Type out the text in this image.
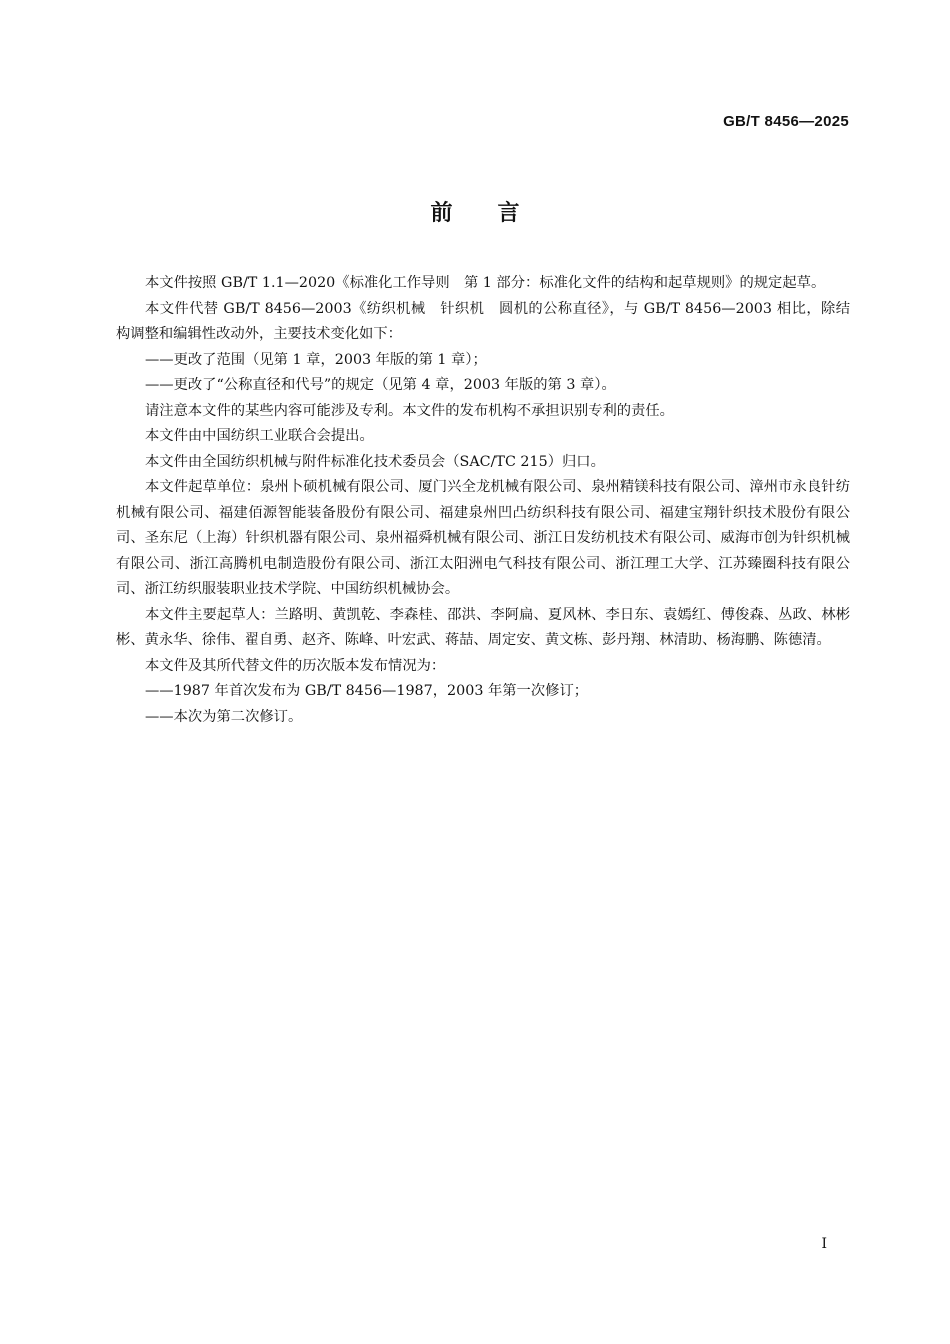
GB/T 8456—2025
前言

本文件按照 GB/T 1.1—2020《标准化工作导则　第 1 部分：标准化文件的结构和起草规则》的规定起草。

本文件代替 GB/T 8456—2003《纺织机械　针织机　圆机的公称直径》，与 GB/T 8456—2003 相比，除结构调整和编辑性改动外，主要技术变化如下：

——更改了范围（见第 1 章，2003 年版的第 1 章）；

——更改了“公称直径和代号”的规定（见第 4 章，2003 年版的第 3 章）。

请注意本文件的某些内容可能涉及专利。本文件的发布机构不承担识别专利的责任。

本文件由中国纺织工业联合会提出。

本文件由全国纺织机械与附件标准化技术委员会（SAC/TC 215）归口。

本文件起草单位：泉州卜硕机械有限公司、厦门兴全龙机械有限公司、泉州精镁科技有限公司、漳州市永良针纺机械有限公司、福建佰源智能装备股份有限公司、福建泉州凹凸纺织科技有限公司、福建宝翔针织技术股份有限公司、圣东尼（上海）针织机器有限公司、泉州福舜机械有限公司、浙江日发纺机技术有限公司、威海市创为针织机械有限公司、浙江高腾机电制造股份有限公司、浙江太阳洲电气科技有限公司、浙江理工大学、江苏臻圈科技有限公司、浙江纺织服装职业技术学院、中国纺织机械协会。

本文件主要起草人：兰路明、黄凯乾、李森桂、邵洪、李阿扁、夏风林、李日东、袁嫣红、傅俊森、丛政、林彬彬、黄永华、徐伟、翟自勇、赵齐、陈峰、叶宏武、蒋喆、周定安、黄文栋、彭丹翔、林清助、杨海鹏、陈德清。

本文件及其所代替文件的历次版本发布情况为：

——1987 年首次发布为 GB/T 8456—1987，2003 年第一次修订；

——本次为第二次修订。

I
